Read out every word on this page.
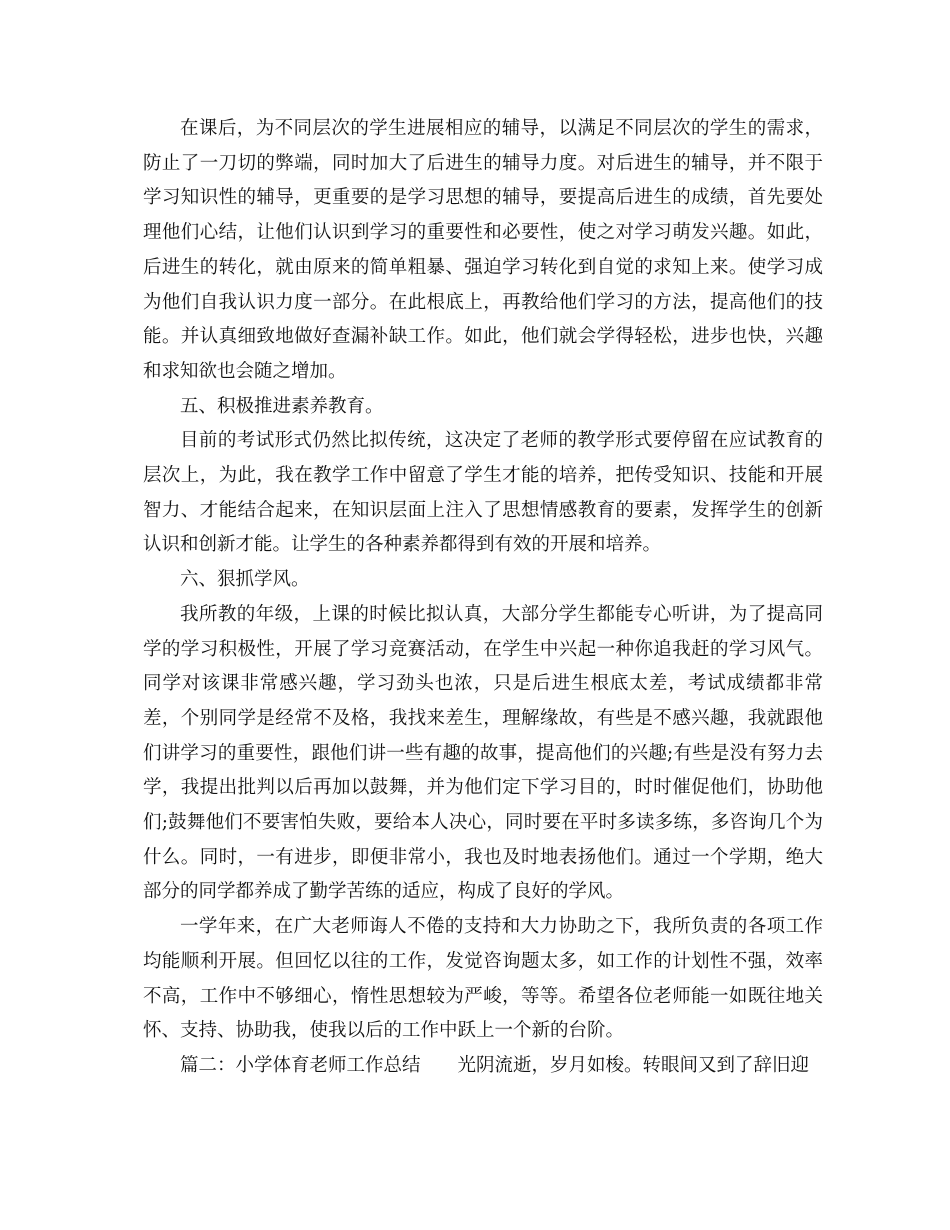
在课后，为不同层次的学生进展相应的辅导，以满足不同层次的学生的需求，防止了一刀切的弊端，同时加大了后进生的辅导力度。对后进生的辅导，并不限于学习知识性的辅导，更重要的是学习思想的辅导，要提高后进生的成绩，首先要处理他们心结，让他们认识到学习的重要性和必要性，使之对学习萌发兴趣。如此，后进生的转化，就由原来的简单粗暴、强迫学习转化到自觉的求知上来。使学习成为他们自我认识力度一部分。在此根底上，再教给他们学习的方法，提高他们的技能。并认真细致地做好查漏补缺工作。如此，他们就会学得轻松，进步也快，兴趣和求知欲也会随之增加。

五、积极推进素养教育。

目前的考试形式仍然比拟传统，这决定了老师的教学形式要停留在应试教育的层次上，为此，我在教学工作中留意了学生才能的培养，把传受知识、技能和开展智力、才能结合起来，在知识层面上注入了思想情感教育的要素，发挥学生的创新认识和创新才能。让学生的各种素养都得到有效的开展和培养。

六、狠抓学风。

我所教的年级，上课的时候比拟认真，大部分学生都能专心听讲，为了提高同学的学习积极性，开展了学习竞赛活动，在学生中兴起一种你追我赶的学习风气。同学对该课非常感兴趣，学习劲头也浓，只是后进生根底太差，考试成绩都非常差，个别同学是经常不及格，我找来差生，理解缘故，有些是不感兴趣，我就跟他们讲学习的重要性，跟他们讲一些有趣的故事，提高他们的兴趣;有些是没有努力去学，我提出批判以后再加以鼓舞，并为他们定下学习目的，时时催促他们，协助他们;鼓舞他们不要害怕失败，要给本人决心，同时要在平时多读多练，多咨询几个为什么。同时，一有进步，即便非常小，我也及时地表扬他们。通过一个学期，绝大部分的同学都养成了勤学苦练的适应，构成了良好的学风。

一学年来，在广大老师诲人不倦的支持和大力协助之下，我所负责的各项工作均能顺利开展。但回忆以往的工作，发觉咨询题太多，如工作的计划性不强，效率不高，工作中不够细心，惰性思想较为严峻，等等。希望各位老师能一如既往地关怀、支持、协助我，使我以后的工作中跃上一个新的台阶。

篇二：小学体育老师工作总结　　光阴流逝，岁月如梭。转眼间又到了辞旧迎
